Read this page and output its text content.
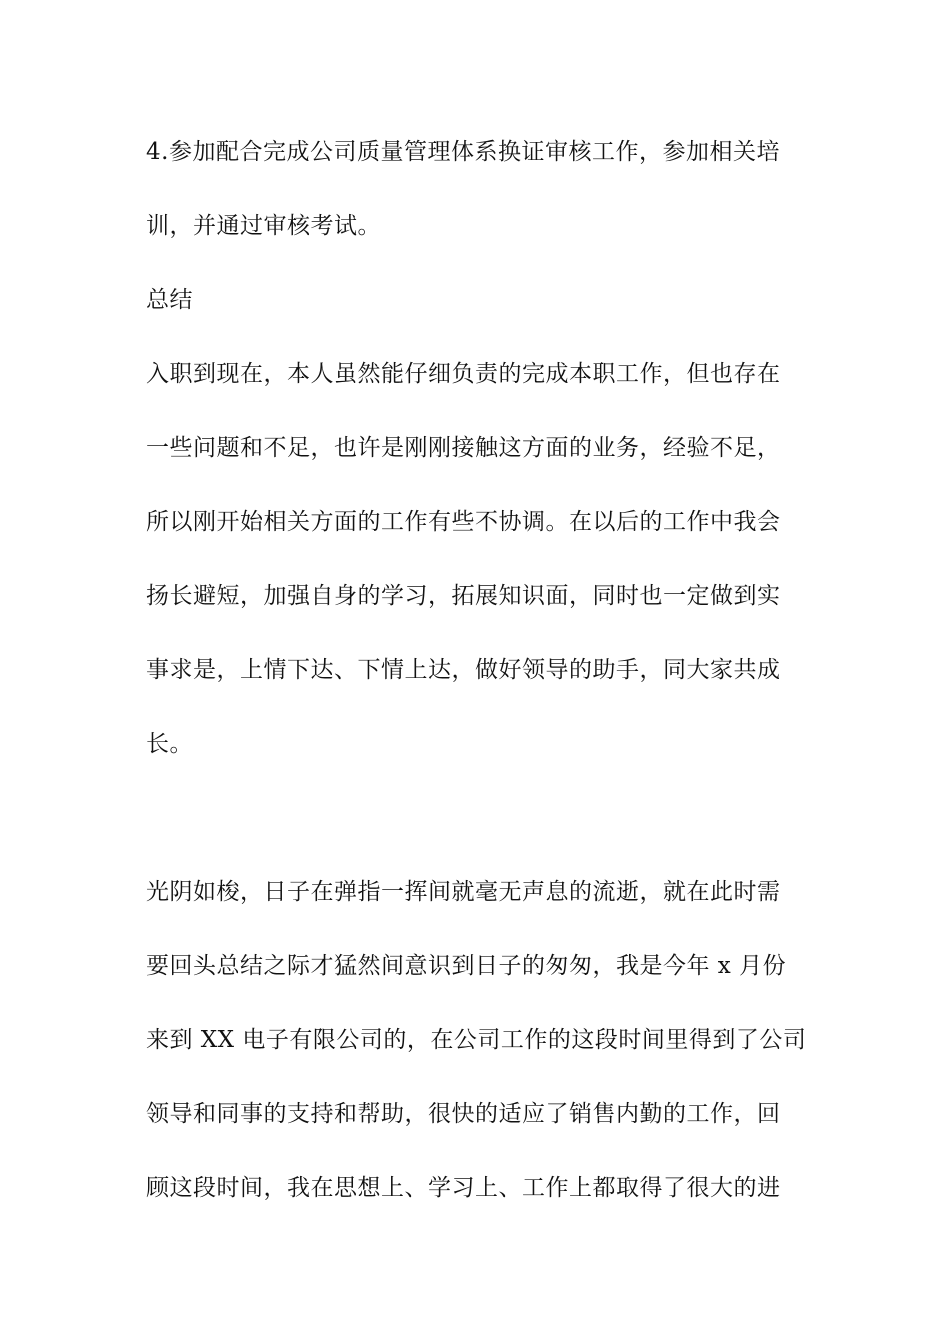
4.参加配合完成公司质量管理体系换证审核工作，参加相关培
训，并通过审核考试。
总结
入职到现在，本人虽然能仔细负责的完成本职工作，但也存在
一些问题和不足，也许是刚刚接触这方面的业务，经验不足，
所以刚开始相关方面的工作有些不协调。在以后的工作中我会
扬长避短，加强自身的学习，拓展知识面，同时也一定做到实
事求是，上情下达、下情上达，做好领导的助手，同大家共成
长。
光阴如梭，日子在弹指一挥间就毫无声息的流逝，就在此时需
要回头总结之际才猛然间意识到日子的匆匆，我是今年 x 月份
来到 XX 电子有限公司的，在公司工作的这段时间里得到了公司
领导和同事的支持和帮助，很快的适应了销售内勤的工作，回
顾这段时间，我在思想上、学习上、工作上都取得了很大的进
